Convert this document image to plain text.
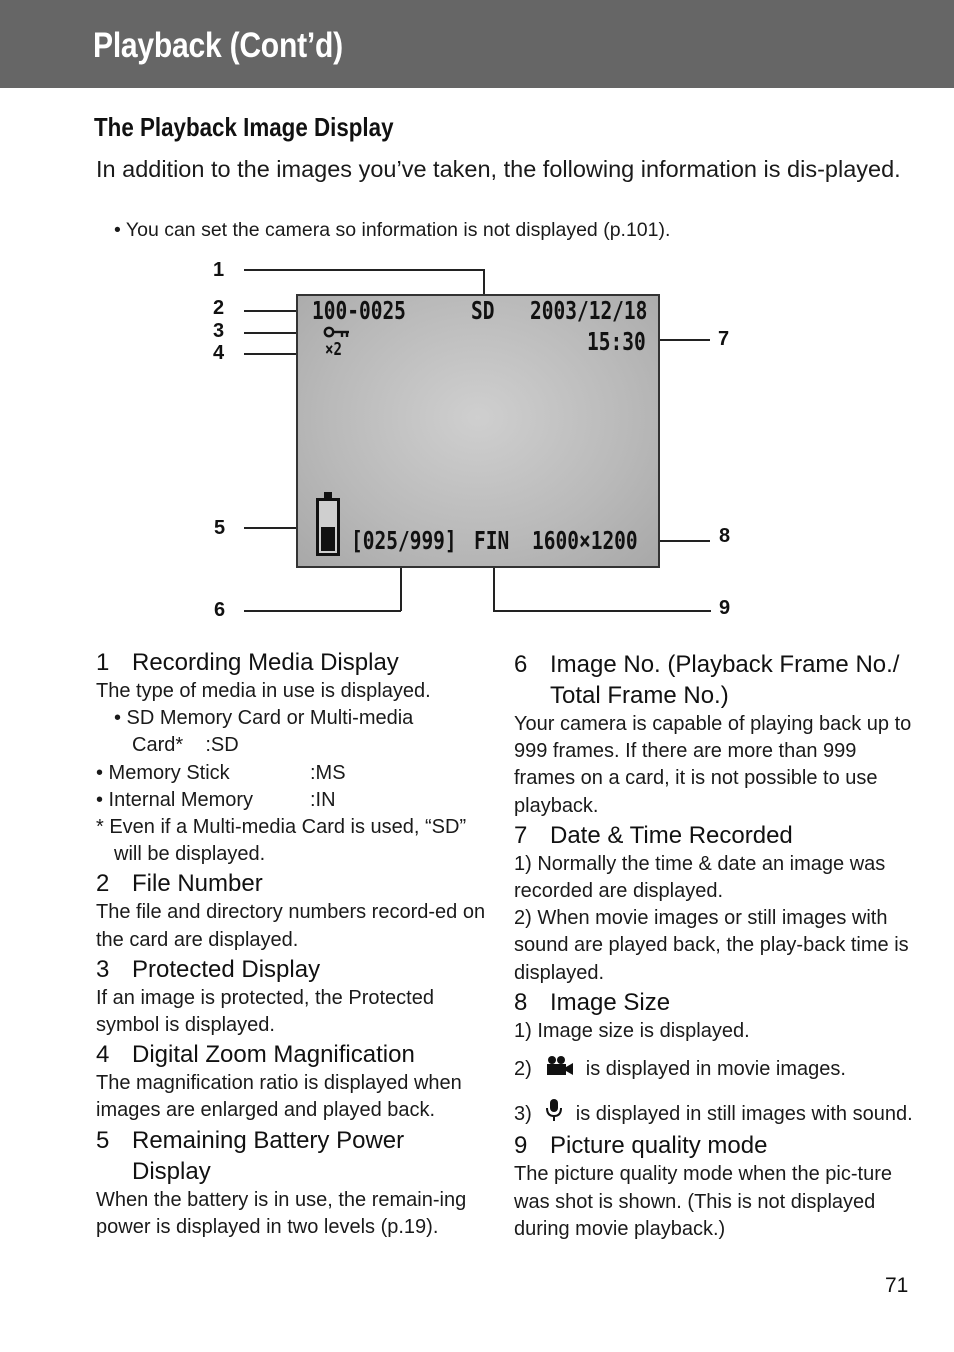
Playback (Cont’d)
The Playback Image Display
In addition to the images you’ve taken, the following information is dis-played.
• You can set the camera so information is not displayed (p.101).
1
2
3
4
5
6
7
8
9
100-0025	SD 2003/12/18
15:30
×2
[025/999] FIN 1600×1200
1 Recording Media Display
The type of media in use is displayed.
• SD Memory Card or Multi-media Card* :SD
• Memory Stick	:MS
• Internal Memory	:IN
* Even if a Multi-media Card is used, “SD” will be displayed.
2 File Number
The file and directory numbers record-ed on the card are displayed.
3 Protected Display
If an image is protected, the Protected symbol is displayed.
4 Digital Zoom Magnification
The magnification ratio is displayed when images are enlarged and played back.
5 Remaining Battery Power Display
When the battery is in use, the remain-ing power is displayed in two levels (p.19).
6 Image No. (Playback Frame No./ Total Frame No.)
Your camera is capable of playing back up to 999 frames. If there are more than 999 frames on a card, it is not possible to use playback.
7 Date & Time Recorded
1) Normally the time & date an image was recorded are displayed.
2) When movie images or still images with sound are played back, the play-back time is displayed.
8 Image Size
1) Image size is displayed.
2)	is displayed in movie images.
3) is displayed in still images with sound.
9 Picture quality mode
The picture quality mode when the pic-ture was shot is shown. (This is not displayed during movie playback.)
71
